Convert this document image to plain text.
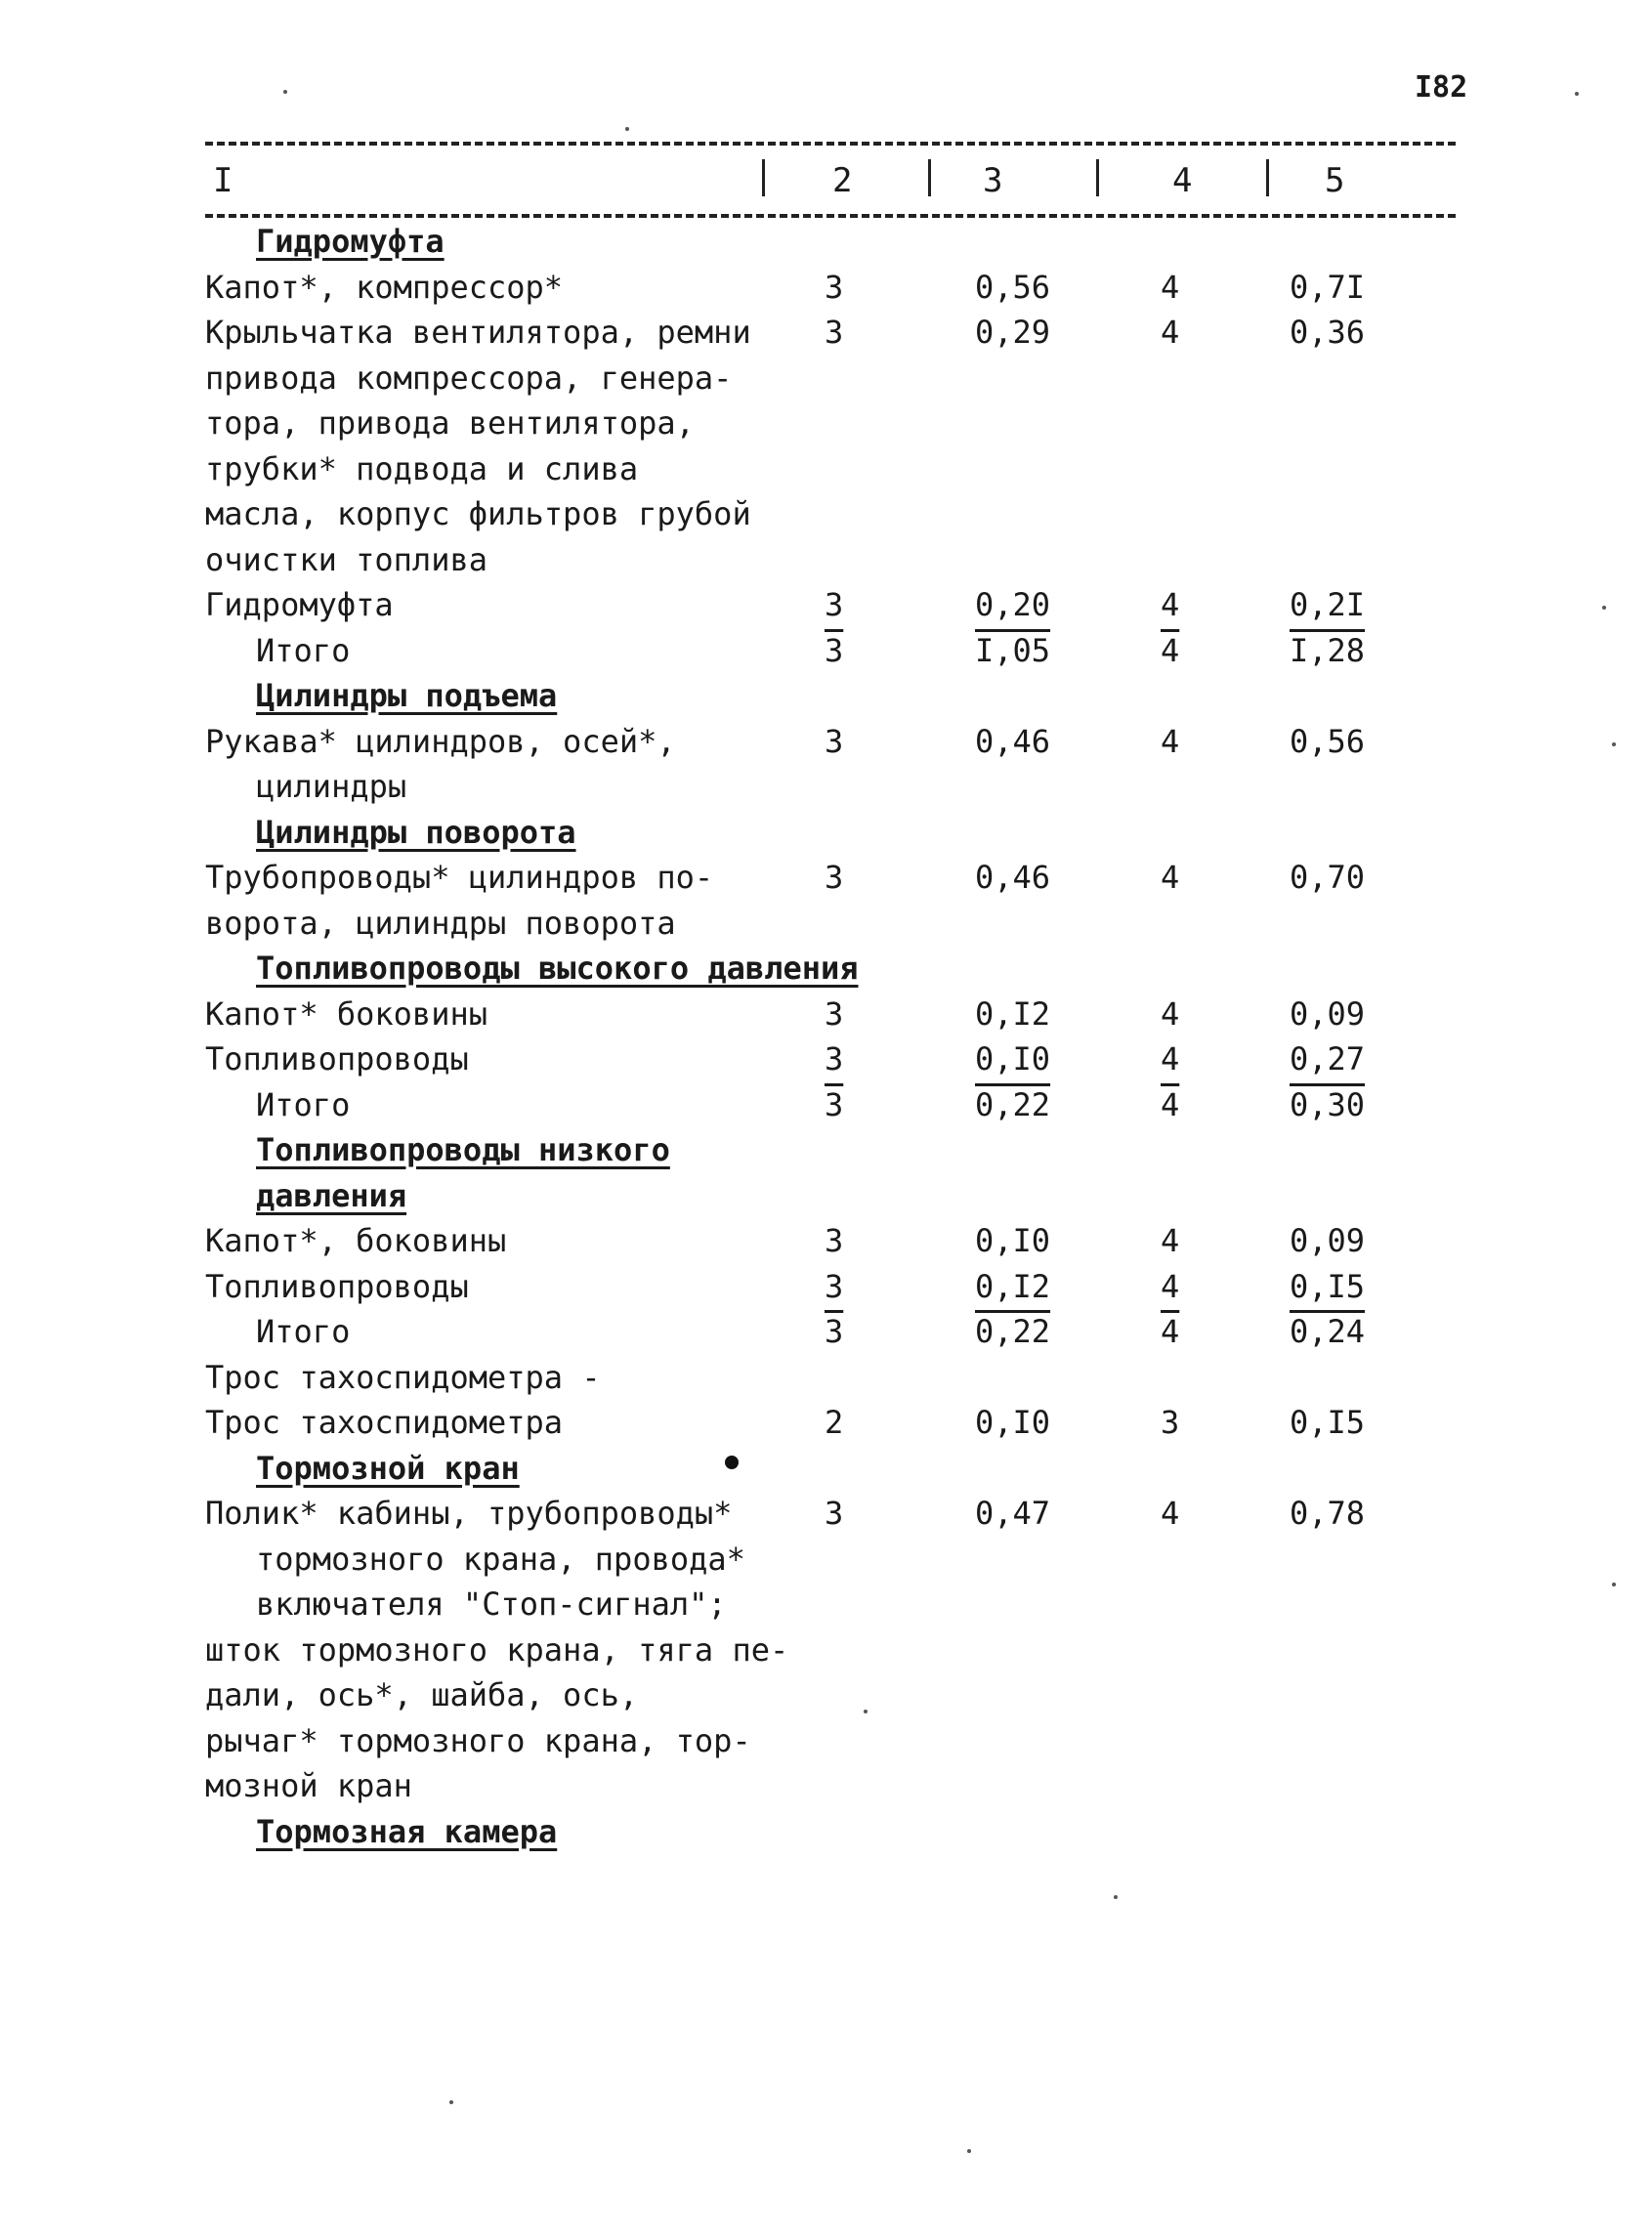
I82
I	2	3	4	5
Гидромуфта
Капот*, компрессор*	3	0,56	4	0,7I
Крыльчатка вентилятора, ремни 3	0,29	4	0,36
привода компрессора, генера-
тора, привода вентилятора,
трубки* подвода и слива
масла, корпус фильтров грубой
очистки топлива
Гидромуфта	3	0,20	4	0,2I
Итого	3	I,05	4	I,28
Цилиндры подъема
Рукава* цилиндров, осей*,	3	0,46	4	0,56
цилиндры
Цилиндры поворота
Трубопроводы* цилиндров по-	3	0,46	4	0,70
ворота, цилиндры поворота
Топливопроводы высокого давления
Капот* боковины	3	0,I2	4	0,09
Топливопроводы	3	0,I0	4	0,27
Итого	3	0,22	4	0,30
Топливопроводы низкого
давления
Капот*, боковины	3	0,I0	4	0,09
Топливопроводы	3	0,I2	4	0,I5
Итого	3	0,22	4	0,24
Трос тахоспидометра -
Трос тахоспидометра	2	0,I0	3	0,I5
Тормозной кран
Полик* кабины, трубопроводы*	3	0,47	4	0,78
тормозного крана, провода*
включателя "Стоп-сигнал";
шток тормозного крана, тяга пе-
дали, ось*, шайба, ось,
рычаг* тормозного крана, тор-
мозной кран
Тормозная камера
